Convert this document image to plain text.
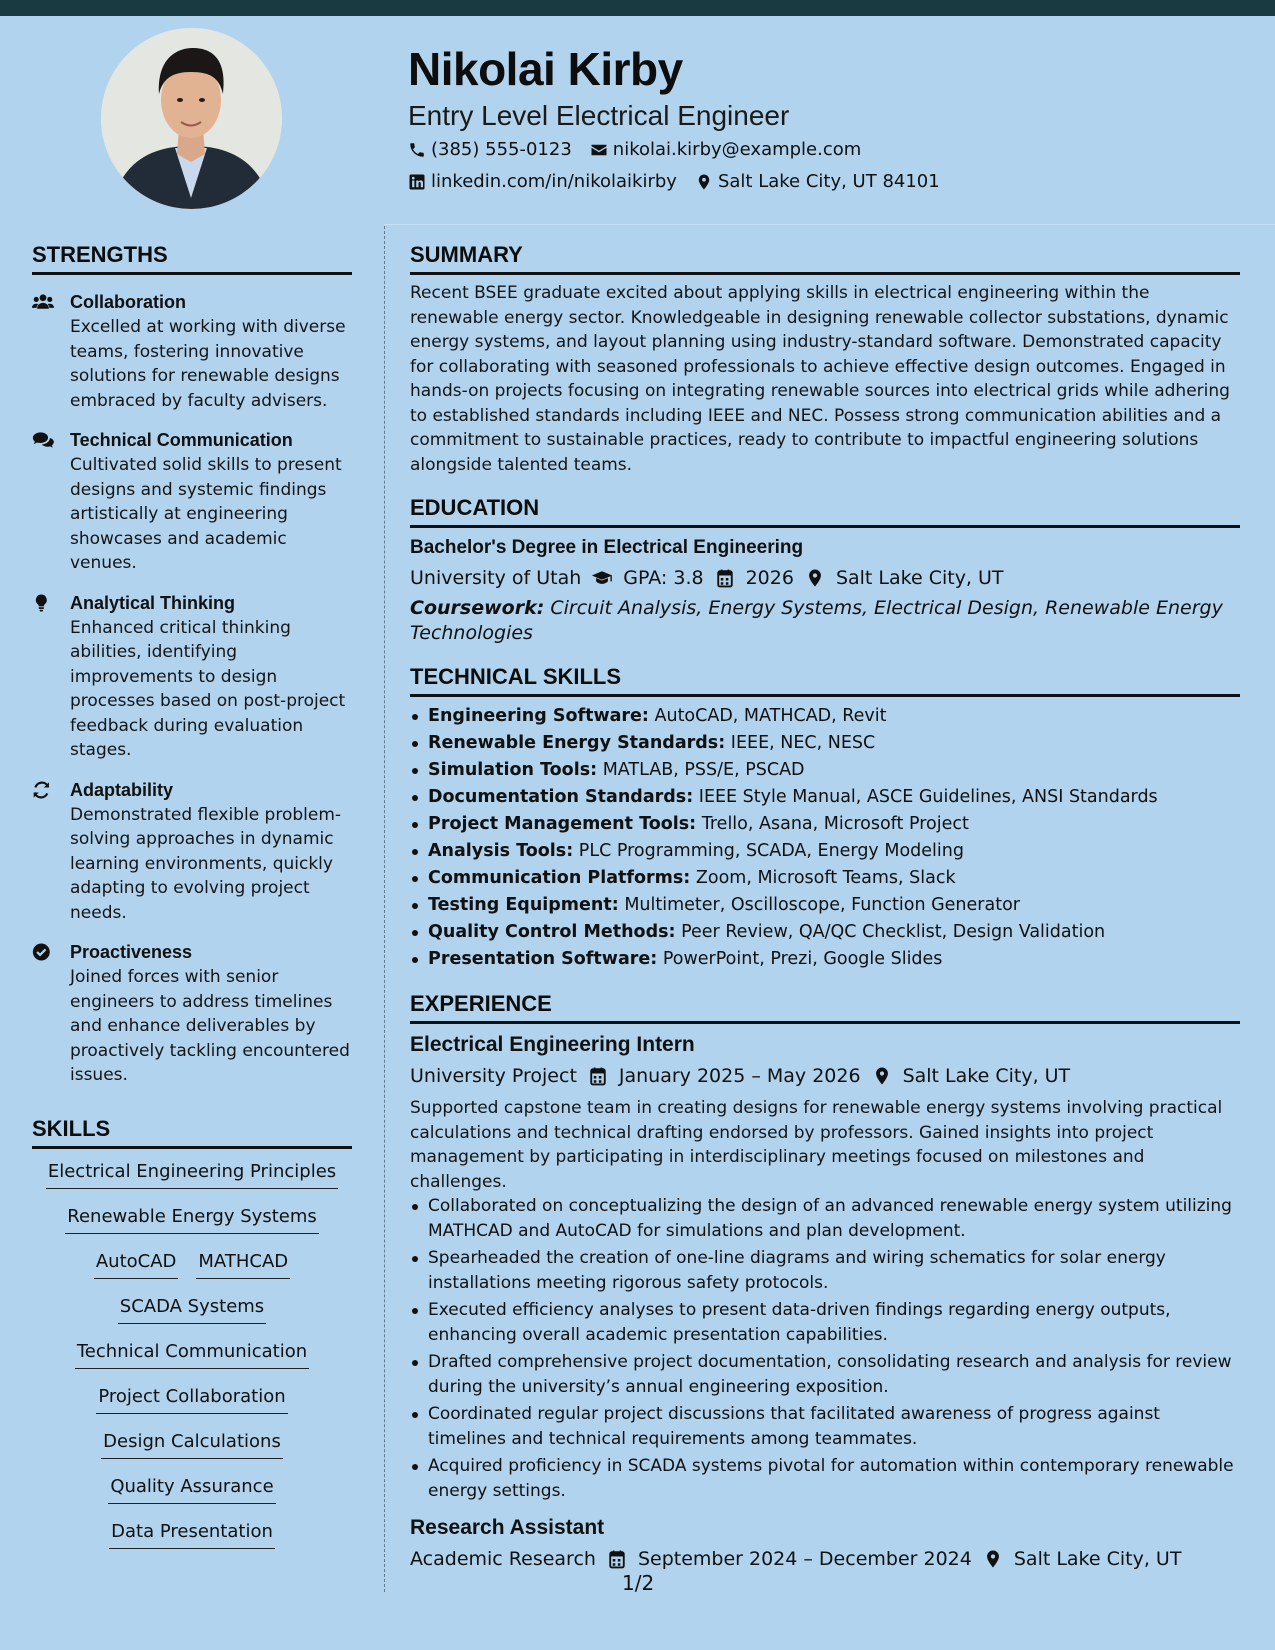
Nikolai Kirby
Entry Level Electrical Engineer
(385) 555-0123 nikolai.kirby@example.com
linkedin.com/in/nikolaikirby Salt Lake City, UT 84101
STRENGTHS
Collaboration
Excelled at working with diverse teams, fostering innovative solutions for renewable designs embraced by faculty advisers.
Technical Communication
Cultivated solid skills to present designs and systemic findings artistically at engineering showcases and academic venues.
Analytical Thinking
Enhanced critical thinking abilities, identifying improvements to design processes based on post-project feedback during evaluation stages.
Adaptability
Demonstrated flexible problem-solving approaches in dynamic learning environments, quickly adapting to evolving project needs.
Proactiveness
Joined forces with senior engineers to address timelines and enhance deliverables by proactively tackling encountered issues.
SKILLS
Electrical Engineering Principles
Renewable Energy Systems
AutoCAD MATHCAD
SCADA Systems
Technical Communication
Project Collaboration
Design Calculations
Quality Assurance
Data Presentation
SUMMARY
Recent BSEE graduate excited about applying skills in electrical engineering within the renewable energy sector. Knowledgeable in designing renewable collector substations, dynamic energy systems, and layout planning using industry-standard software. Demonstrated capacity for collaborating with seasoned professionals to achieve effective design outcomes. Engaged in hands-on projects focusing on integrating renewable sources into electrical grids while adhering to established standards including IEEE and NEC. Possess strong communication abilities and a commitment to sustainable practices, ready to contribute to impactful engineering solutions alongside talented teams.
EDUCATION
Bachelor's Degree in Electrical Engineering
University of Utah GPA: 3.8 2026 Salt Lake City, UT
Coursework: Circuit Analysis, Energy Systems, Electrical Design, Renewable Energy Technologies
TECHNICAL SKILLS
Engineering Software: AutoCAD, MATHCAD, Revit
Renewable Energy Standards: IEEE, NEC, NESC
Simulation Tools: MATLAB, PSS/E, PSCAD
Documentation Standards: IEEE Style Manual, ASCE Guidelines, ANSI Standards
Project Management Tools: Trello, Asana, Microsoft Project
Analysis Tools: PLC Programming, SCADA, Energy Modeling
Communication Platforms: Zoom, Microsoft Teams, Slack
Testing Equipment: Multimeter, Oscilloscope, Function Generator
Quality Control Methods: Peer Review, QA/QC Checklist, Design Validation
Presentation Software: PowerPoint, Prezi, Google Slides
EXPERIENCE
Electrical Engineering Intern
University Project January 2025 – May 2026 Salt Lake City, UT
Supported capstone team in creating designs for renewable energy systems involving practical calculations and technical drafting endorsed by professors. Gained insights into project management by participating in interdisciplinary meetings focused on milestones and challenges.
Collaborated on conceptualizing the design of an advanced renewable energy system utilizing MATHCAD and AutoCAD for simulations and plan development.
Spearheaded the creation of one-line diagrams and wiring schematics for solar energy installations meeting rigorous safety protocols.
Executed efficiency analyses to present data-driven findings regarding energy outputs, enhancing overall academic presentation capabilities.
Drafted comprehensive project documentation, consolidating research and analysis for review during the university’s annual engineering exposition.
Coordinated regular project discussions that facilitated awareness of progress against timelines and technical requirements among teammates.
Acquired proficiency in SCADA systems pivotal for automation within contemporary renewable energy settings.
Research Assistant
Academic Research September 2024 – December 2024 Salt Lake City, UT
1/2
